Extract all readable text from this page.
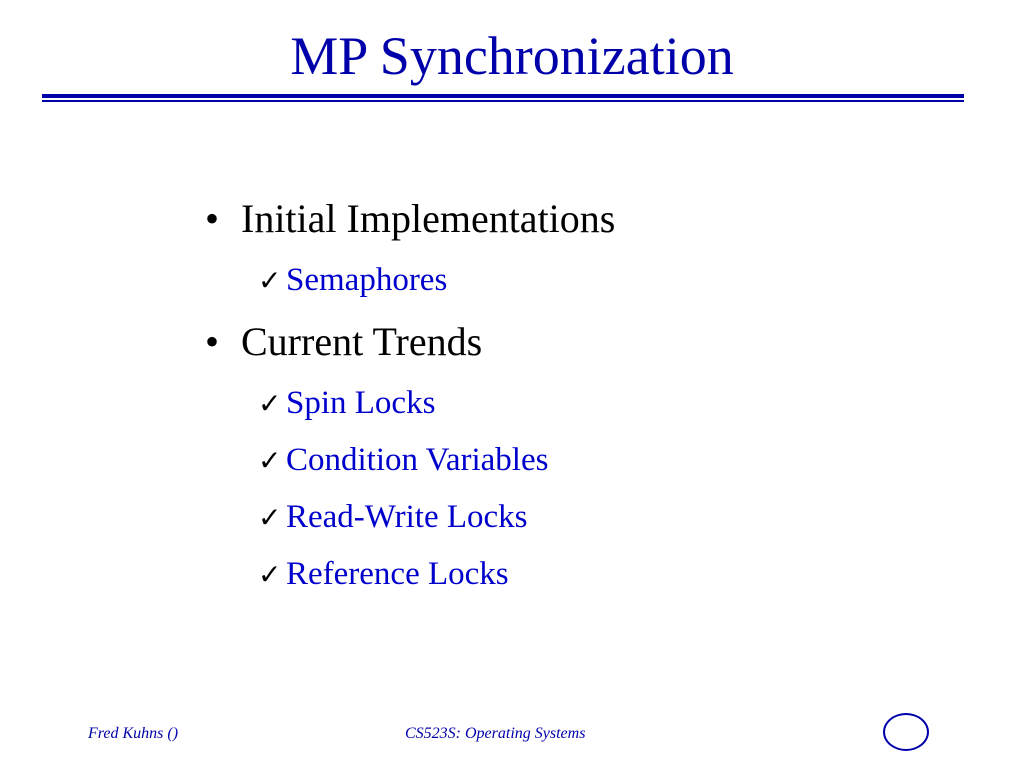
MP Synchronization
• Initial Implementations
✓ Semaphores
• Current Trends
✓ Spin Locks
✓ Condition Variables
✓ Read-Write Locks
✓ Reference Locks
Fred Kuhns ()	CS523S: Operating Systems
